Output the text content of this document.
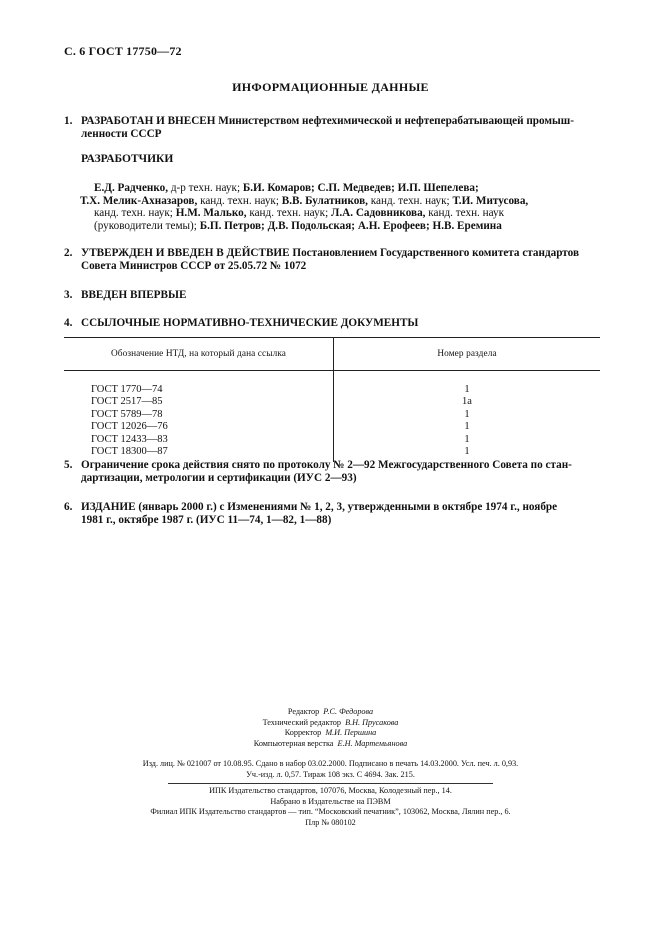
С. 6 ГОСТ 17750—72
ИНФОРМАЦИОННЫЕ ДАННЫЕ
1. РАЗРАБОТАН И ВНЕСЕН Министерством нефтехимической и нефтеперабатывающей промыш-
ленности СССР
РАЗРАБОТЧИКИ

Е.Д. Радченко, д-р техн. наук; Б.И. Комаров; С.П. Медведев; И.П. Шепелева;

Т.Х. Мелик-Ахназаров, канд. техн. наук; В.В. Булатников, канд. техн. наук; Т.И. Митусова,

канд. техн. наук; Н.М. Малько, канд. техн. наук; Л.А. Садовникова, канд. техн. наук

(руководители темы); Б.П. Петров; Д.В. Подольская; А.Н. Ерофеев; Н.В. Еремина

2. УТВЕРЖДЕН И ВВЕДЕН В ДЕЙСТВИЕ Постановлением Государственного комитета стандартов
Совета Министров СССР от 25.05.72 № 1072
3. ВВЕДЕН ВПЕРВЫЕ
4. ССЫЛОЧНЫЕ НОРМАТИВНО-ТЕХНИЧЕСКИЕ ДОКУМЕНТЫ
Обозначение НТД, на который дана ссылка	Номер раздела
ГОСТ 1770—74	1
ГОСТ 2517—85	1а
ГОСТ 5789—78	1
ГОСТ 12026—76	1
ГОСТ 12433—83	1
ГОСТ 18300—87	1
5. Ограничение срока действия снято по протоколу № 2—92 Межгосударственного Совета по стан-
дартизации, метрологии и сертификации (ИУС 2—93)
6. ИЗДАНИЕ (январь 2000 г.) с Изменениями № 1, 2, 3, утвержденными в октябре 1974 г., ноябре
1981 г., октябре 1987 г. (ИУС 11—74, 1—82, 1—88)
Редактор Р.С. Федорова
Технический редактор В.Н. Прусакова
Корректор М.И. Першина
Компьютерная верстка Е.Н. Мартемьянова
Изд. лиц. № 021007 от 10.08.95. Сдано в набор 03.02.2000. Подписано в печать 14.03.2000. Усл. печ. л. 0,93.
Уч.-изд. л. 0,57. Тираж 108 экз. С 4694. Зак. 215.
ИПК Издательство стандартов, 107076, Москва, Колодезный пер., 14.
Набрано в Издательстве на ПЭВМ
Филиал ИПК Издательство стандартов — тип. “Московский печатник”, 103062, Москва, Лялин пер., 6.
Плр № 080102
